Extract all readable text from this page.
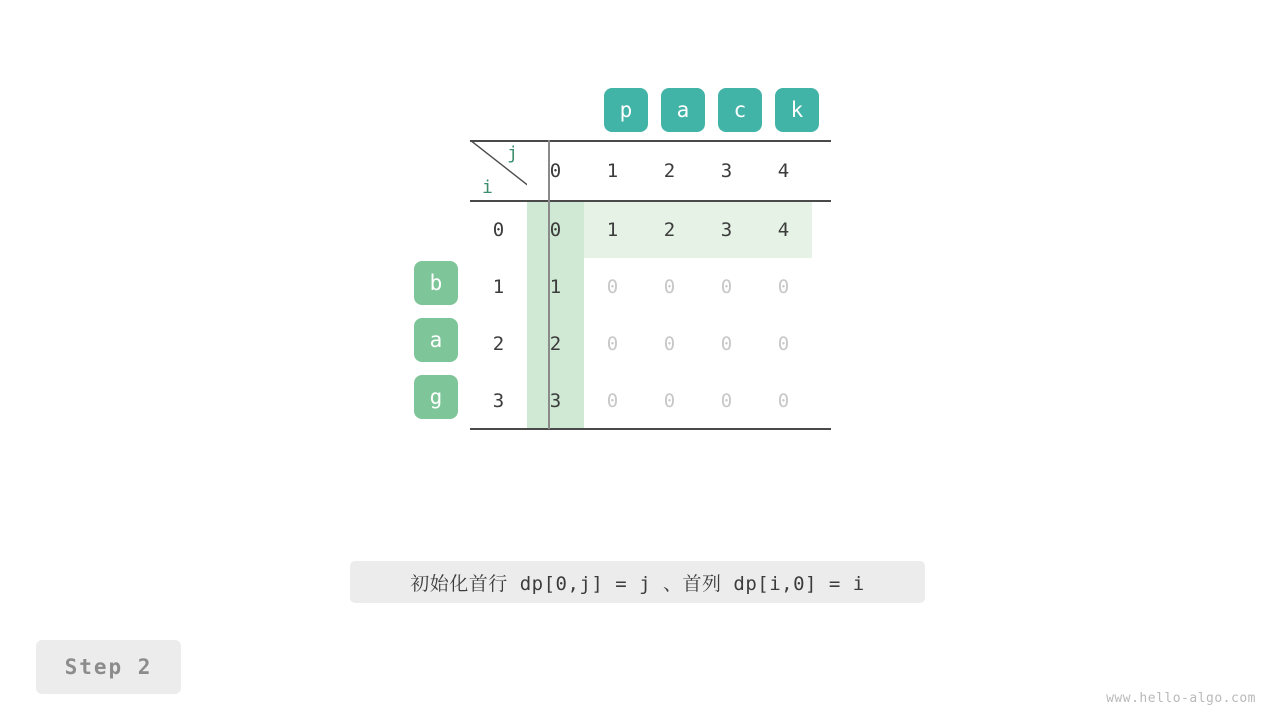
p	a	c	k
b
a
g
j
i	0	1	2	3	4
0	0	1	2	3	4
1	1	0	0	0	0
2	2	0	0	0	0
3	3	0	0	0	0
初始化首行 dp[0,j] = j 、首列 dp[i,0] = i
Step 2
www.hello-algo.com
